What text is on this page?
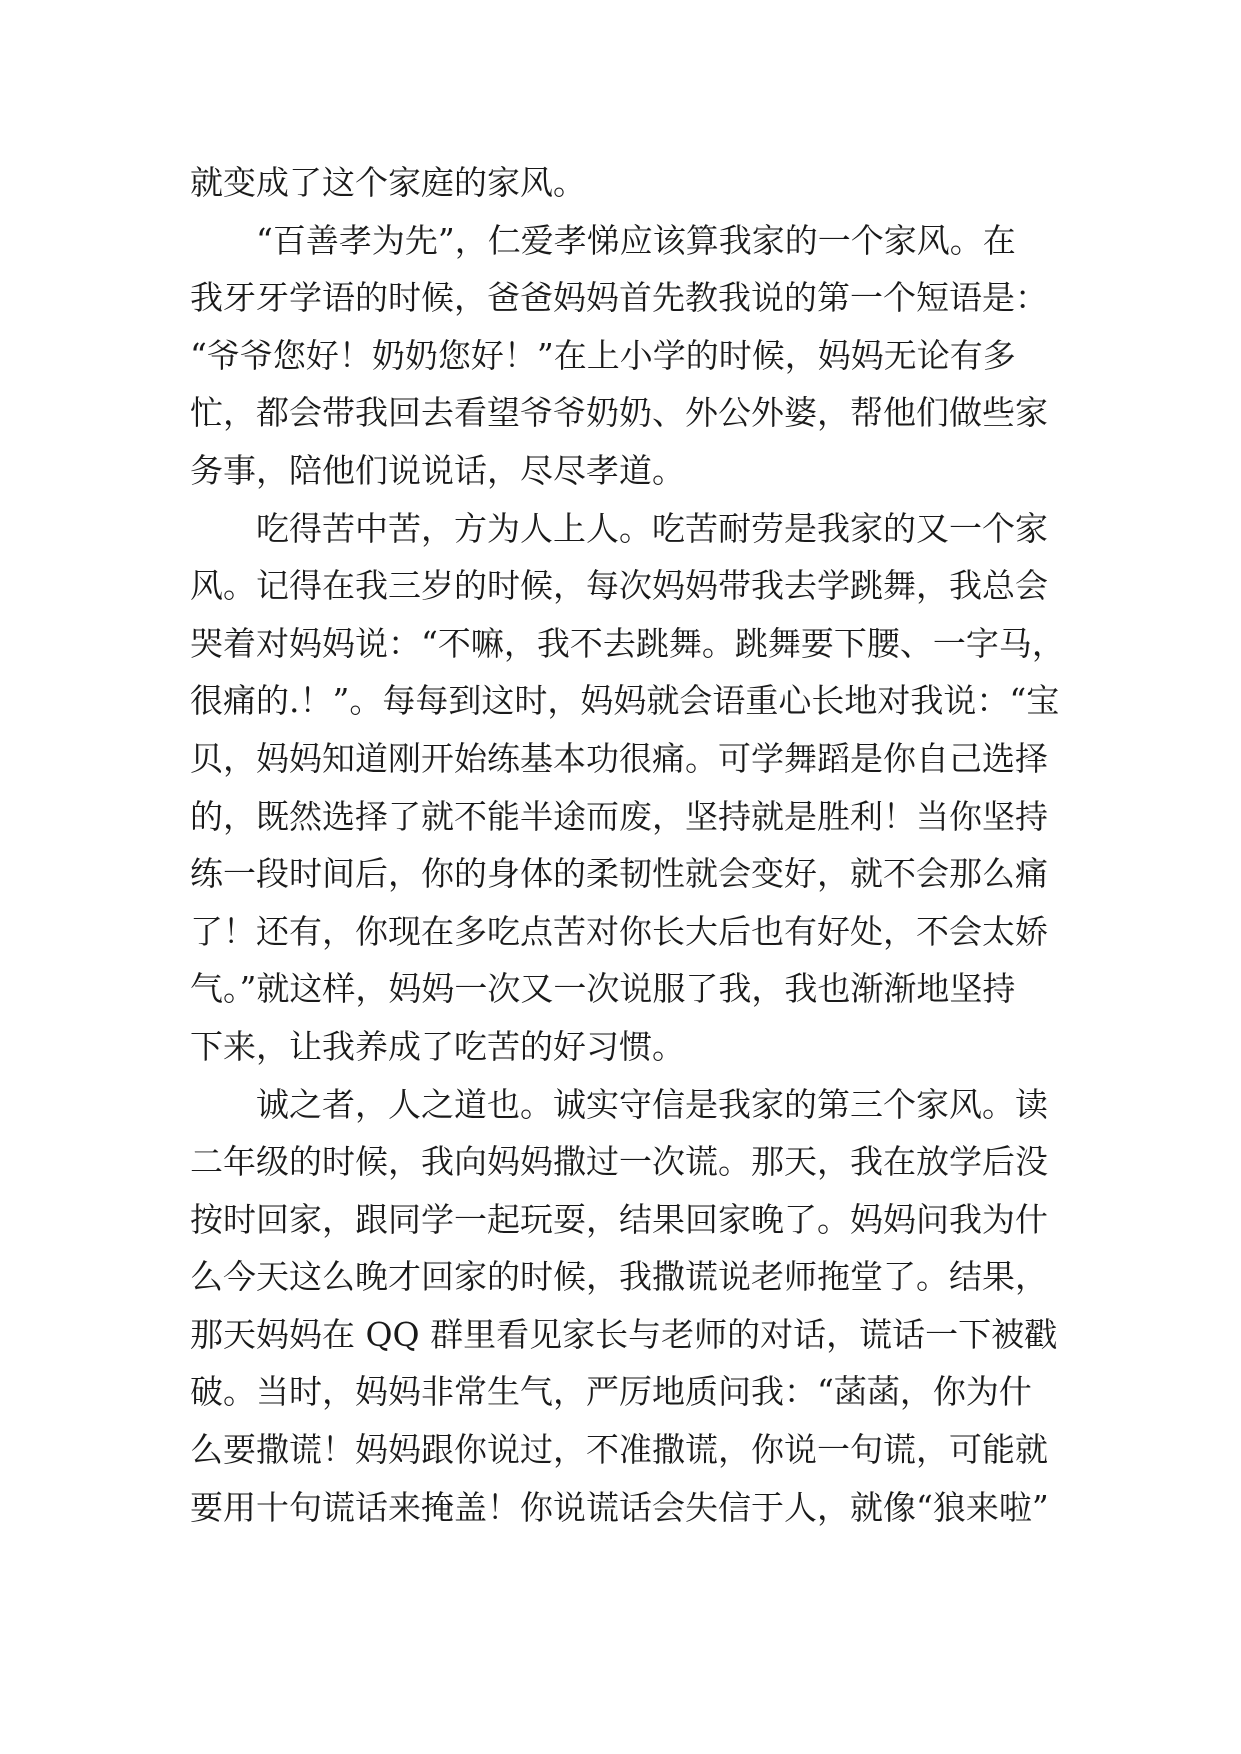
就变成了这个家庭的家风。
“百善孝为先”，仁爱孝悌应该算我家的一个家风。在
我牙牙学语的时候，爸爸妈妈首先教我说的第一个短语是：
“爷爷您好！奶奶您好！”在上小学的时候，妈妈无论有多
忙，都会带我回去看望爷爷奶奶、外公外婆，帮他们做些家
务事，陪他们说说话，尽尽孝道。
吃得苦中苦，方为人上人。吃苦耐劳是我家的又一个家
风。记得在我三岁的时候，每次妈妈带我去学跳舞，我总会
哭着对妈妈说：“不嘛，我不去跳舞。跳舞要下腰、一字马，
很痛的.！”。每每到这时，妈妈就会语重心长地对我说：“宝
贝，妈妈知道刚开始练基本功很痛。可学舞蹈是你自己选择
的，既然选择了就不能半途而废，坚持就是胜利！当你坚持
练一段时间后，你的身体的柔韧性就会变好，就不会那么痛
了！还有，你现在多吃点苦对你长大后也有好处，不会太娇
气。”就这样，妈妈一次又一次说服了我，我也渐渐地坚持
下来，让我养成了吃苦的好习惯。
诚之者，人之道也。诚实守信是我家的第三个家风。读
二年级的时候，我向妈妈撒过一次谎。那天，我在放学后没
按时回家，跟同学一起玩耍，结果回家晚了。妈妈问我为什
么今天这么晚才回家的时候，我撒谎说老师拖堂了。结果，
那天妈妈在 QQ 群里看见家长与老师的对话，谎话一下被戳
破。当时，妈妈非常生气，严厉地质问我：“菡菡，你为什
么要撒谎！妈妈跟你说过，不准撒谎，你说一句谎，可能就
要用十句谎话来掩盖！你说谎话会失信于人，就像“狼来啦”
